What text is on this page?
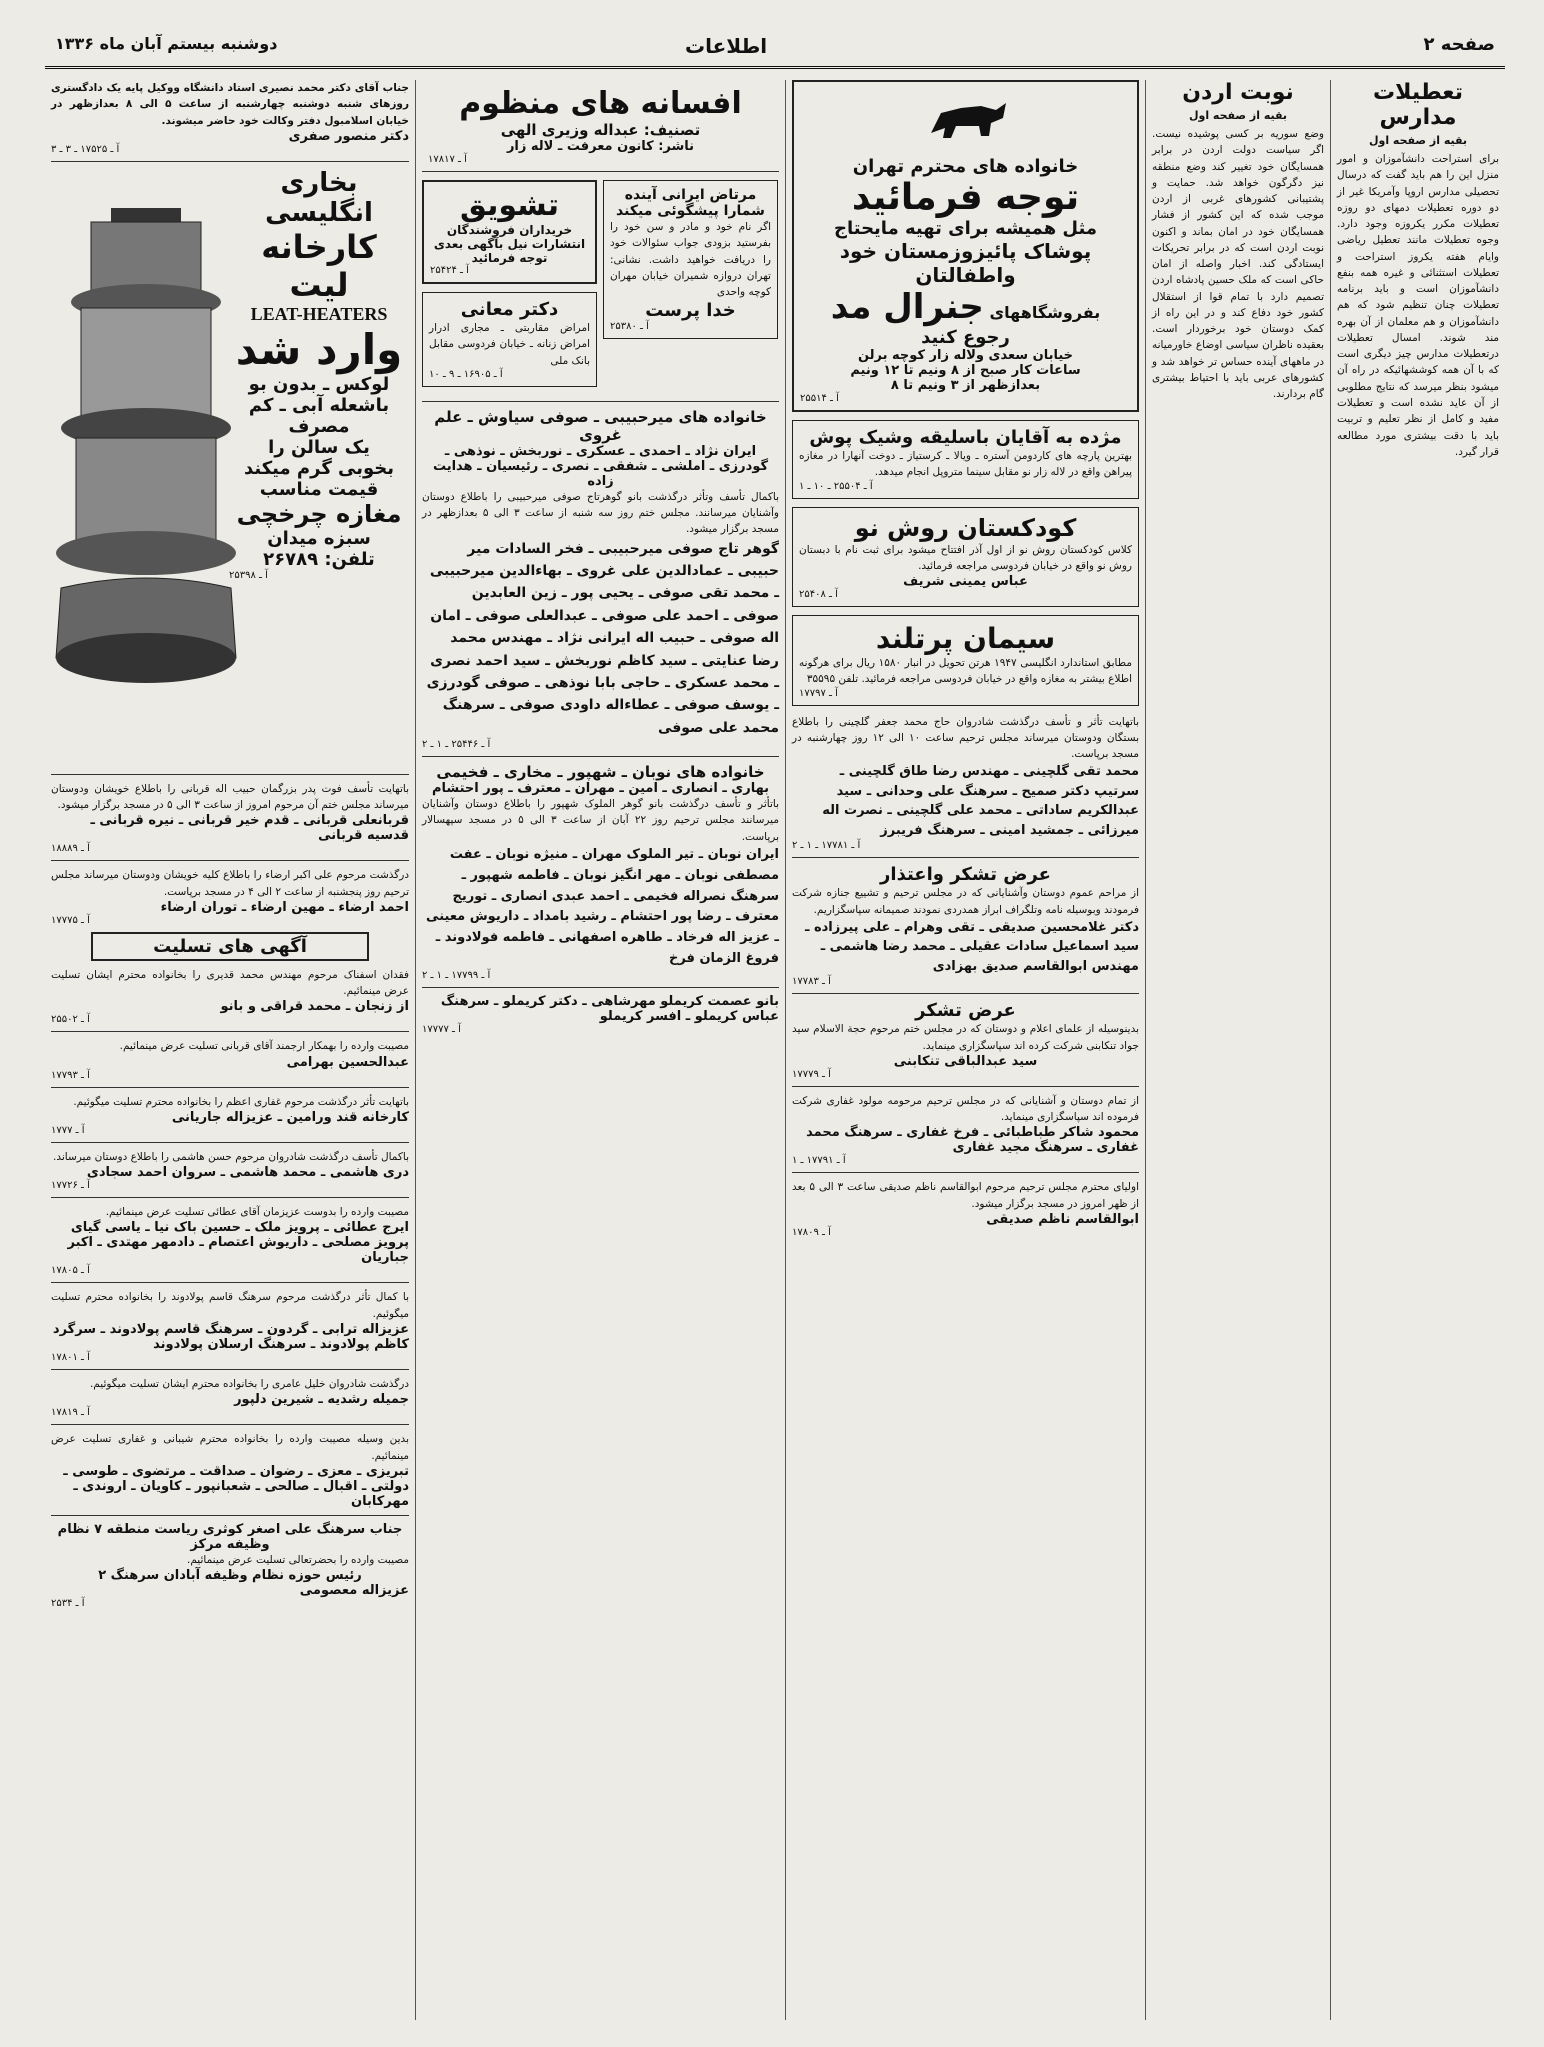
صفحه ۲
اطلاعات
دوشنبه بیستم آبان ماه ۱۳۳۶
تعطیلات مدارس
بقیه از صفحه اول
برای استراحت دانشآموزان و امور منزل این را هم باید گفت که درسال تحصیلی مدارس اروپا وآمریکا غیر از دو دوره تعطیلات دمهای دو روزه تعطیلات مکرر یکروزه وجود دارد. وجوه تعطیلات مانند تعطیل ریاضی وایام هفته یکروز استراحت و تعطیلات استثنائی و غیره همه بنفع دانشآموزان است و باید برنامه تعطیلات چنان تنظیم شود که هم دانشآموزان و هم معلمان از آن بهره مند شوند. امسال تعطیلات درتعطیلات مدارس چیز دیگری است که با آن همه کوششهائیکه در راه آن میشود بنظر میرسد که نتایج مطلوبی از آن عاید نشده است و تعطیلات مفید و کامل از نظر تعلیم و تربیت باید با دقت بیشتری مورد مطالعه قرار گیرد.
نوبت اردن
بقیه از صفحه اول
وضع سوریه بر کسی پوشیده نیست. اگر سیاست دولت اردن در برابر همسایگان خود تغییر کند وضع منطقه نیز دگرگون خواهد شد. حمایت و پشتیبانی کشورهای غربی از اردن موجب شده که این کشور از فشار همسایگان خود در امان بماند و اکنون نوبت اردن است که در برابر تحریکات ایستادگی کند. اخبار واصله از امان حاکی است که ملک حسین پادشاه اردن تصمیم دارد با تمام قوا از استقلال کشور خود دفاع کند و در این راه از کمک دوستان خود برخوردار است. بعقیده ناظران سیاسی اوضاع خاورمیانه در ماههای آینده حساس تر خواهد شد و کشورهای عربی باید با احتیاط بیشتری گام بردارند.
خانواده های محترم تهران
توجه فرمائید
مثل همیشه برای تهیه مایحتاج
پوشاک پائیزوزمستان خود واطفالتان
بفروشگاههای جنرال مد
رجوع کنید
خیابان سعدی ولاله زار کوچه برلن
ساعات کار صبح از ۸ ونیم تا ۱۲ ونیم
بعدازظهر از ۳ ونیم تا ۸
آ ـ ۲۵۵۱۴
مژده به آقایان باسلیقه وشیک پوش
بهترین پارچه های کاردومن آستره ـ ویالا ـ کرستیاز ـ دوخت آنهارا در مغازه پیراهن واقع در لاله زار نو مقابل سینما متروپل انجام میدهد.
آ ـ ۲۵۵۰۴ ـ ۱۰ ـ ۱
کودکستان روش نو
کلاس کودکستان روش نو از اول آذر افتتاح میشود برای ثبت نام با دبستان روش نو واقع در خیابان فردوسی مراجعه فرمائید.
عباس یمینی شریف
آ ـ ۲۵۴۰۸
سیمان پرتلند
مطابق استاندارد انگلیسی ۱۹۴۷ هرتن تحویل در انبار ۱۵۸۰ ریال برای هرگونه اطلاع بیشتر به مغازه واقع در خیابان فردوسی مراجعه فرمائید. تلفن ۳۵۵۹۵
آ ـ ۱۷۷۹۷
باتهایت تأثر و تأسف درگذشت شادروان حاج محمد جعفر گلچینی را باطلاع بستگان ودوستان میرساند مجلس ترحیم ساعت ۱۰ الی ۱۲ روز چهارشنبه در مسجد برپاست.
محمد تقی گلچینی ـ مهندس رضا طاق گلچینی ـ سرتیپ دکتر صمیح ـ سرهنگ علی وحدانی ـ سید عبدالکریم ساداتی ـ محمد علی گلچینی ـ نصرت اله میرزائی ـ جمشید امینی ـ سرهنگ فریبرز
آ ـ ۱۷۷۸۱ ـ ۱ ـ ۲
عرض تشکر واعتذار
از مراحم عموم دوستان وآشنایانی که در مجلس ترحیم و تشییع جنازه شرکت فرمودند وبوسیله نامه وتلگراف ابراز همدردی نمودند صمیمانه سپاسگزاریم.
دکتر غلامحسین صدیقی ـ تقی وهرام ـ علی پیرزاده ـ سید اسماعیل سادات عقیلی ـ محمد رضا هاشمی ـ مهندس ابوالقاسم صدیق بهزادی
آ ـ ۱۷۷۸۳
عرض تشکر
بدینوسیله از علمای اعلام و دوستان که در مجلس ختم مرحوم حجة الاسلام سید جواد تنکابنی شرکت کرده اند سپاسگزاری مینماید.
سید عبدالباقی تنکابنی
آ ـ ۱۷۷۷۹
از تمام دوستان و آشنایانی که در مجلس ترحیم مرحومه مولود غفاری شرکت فرموده اند سپاسگزاری مینماید.
محمود شاکر طباطبائی ـ فرخ غفاری ـ سرهنگ محمد غفاری ـ سرهنگ مجید غفاری
آ ـ ۱۷۷۹۱ ـ ۱
اولیای محترم مجلس ترحیم مرحوم ابوالقاسم ناظم صدیقی ساعت ۳ الی ۵ بعد از ظهر امروز در مسجد برگزار میشود.
ابوالقاسم ناظم صدیقی
آ ـ ۱۷۸۰۹
افسانه های منظوم
تصنیف: عبداله وزیری الهی
ناشر: کانون معرفت ـ لاله زار
آ ـ ۱۷۸۱۷
تشویق
خریداران فروشندگان انتشارات نیل بآگهی بعدی توجه فرمائید
آ ـ ۲۵۴۲۴
دکتر معانی
امراض مقاربتی ـ مجاری ادرار امراض زنانه ـ خیابان فردوسی مقابل بانک ملی
آ ـ ۱۶۹۰۵ ـ ۹ ـ ۱۰
مرتاض ایرانی آینده شمارا پیشگوئی میکند
اگر نام خود و مادر و سن خود را بفرستید بزودی جواب سئوالات خود را دریافت خواهید داشت. نشانی: تهران دروازه شمیران خیابان مهران کوچه واحدی
خدا پرست
آ ـ ۲۵۳۸۰
خانواده های میرحبیبی ـ صوفی سیاوش ـ علم غروی
ایران نژاد ـ احمدی ـ عسکری ـ نوربخش ـ نوذهی ـ گودرزی ـ املشی ـ شفقی ـ نصری ـ رئیسیان ـ هدایت زاده
باکمال تأسف وتأثر درگذشت بانو گوهرتاج صوفی میرحبیبی را باطلاع دوستان وآشنایان میرسانند. مجلس ختم روز سه شنبه از ساعت ۳ الی ۵ بعدازظهر در مسجد برگزار میشود.
گوهر تاج صوفی میرحبیبی ـ فخر السادات میر حبیبی ـ عمادالدین علی غروی ـ بهاءالدین میرحبیبی ـ محمد تقی صوفی ـ یحیی پور ـ زین العابدین صوفی ـ احمد علی صوفی ـ عبدالعلی صوفی ـ امان اله صوفی ـ حبیب اله ایرانی نژاد ـ مهندس محمد رضا عنایتی ـ سید کاظم نوربخش ـ سید احمد نصری ـ محمد عسکری ـ حاجی بابا نوذهی ـ صوفی گودرزی ـ یوسف صوفی ـ عطاءاله داودی صوفی ـ سرهنگ محمد علی صوفی
آ ـ ۲۵۴۴۶ ـ ۱ ـ ۲
خانواده های نوبان ـ شهپور ـ مخاری ـ فخیمی
بهاری ـ انصاری ـ امین ـ مهران ـ معترف ـ پور احتشام
باتأثر و تأسف درگذشت بانو گوهر الملوک شهپور را باطلاع دوستان وآشنایان میرسانند مجلس ترحیم روز ۲۲ آبان از ساعت ۳ الی ۵ در مسجد سپهسالار برپاست.
ایران نوبان ـ تیر الملوک مهران ـ منیژه نوبان ـ عفت مصطفی نوبان ـ مهر انگیز نوبان ـ فاطمه شهپور ـ سرهنگ نصراله فخیمی ـ احمد عبدی انصاری ـ توریج معترف ـ رضا پور احتشام ـ رشید بامداد ـ داریوش معینی ـ عزیز اله فرخاد ـ طاهره اصفهانی ـ فاطمه فولادوند ـ فروغ الزمان فرخ
آ ـ ۱۷۷۹۹ ـ ۱ ـ ۲
بانو عصمت کریملو مهرشاهی ـ دکتر کریملو ـ سرهنگ عباس کریملو ـ افسر کریملو
آ ـ ۱۷۷۷۷
جناب آقای دکتر محمد نصیری استاد دانشگاه ووکیل پایه یک دادگستری روزهای شنبه دوشنبه چهارشنبه از ساعت ۵ الی ۸ بعدازظهر در خیابان اسلامبول دفتر وکالت خود حاضر میشوند.
دکتر منصور صفری
آ ـ ۱۷۵۲۵ ـ ۳ ـ ۳
بخاری انگلیسی
کارخانه لیت
LEAT-HEATERS
وارد شد
لوکس ـ بدون بو
باشعله آبی ـ کم مصرف
یک سالن را
بخوبی گرم میکند
قیمت مناسب
مغازه چرخچی
سبزه میدان
تلفن: ۲۶۷۸۹
آ ـ ۲۵۳۹۸
باتهایت تأسف فوت پدر بزرگمان حبیب اله قربانی را باطلاع خویشان ودوستان میرساند مجلس ختم آن مرحوم امروز از ساعت ۳ الی ۵ در مسجد برگزار میشود.
قربانعلی قربانی ـ قدم خیر قربانی ـ نیره قربانی ـ قدسیه قربانی
آ ـ ۱۸۸۸۹
درگذشت مرحوم علی اکبر ارضاء را باطلاع کلیه خویشان ودوستان میرساند مجلس ترحیم روز پنجشنبه از ساعت ۲ الی ۴ در مسجد برپاست.
احمد ارضاء ـ مهین ارضاء ـ توران ارضاء
آ ـ ۱۷۷۷۵
آگهی های تسلیت
فقدان اسفناک مرحوم مهندس محمد قدیری را بخانواده محترم ایشان تسلیت عرض مینمائیم.
از زنجان ـ محمد قراقی و بانو
آ ـ ۲۵۵۰۲
مصیبت وارده را بهمکار ارجمند آقای قربانی تسلیت عرض مینمائیم.
عبدالحسین بهرامی
آ ـ ۱۷۷۹۳
باتهایت تأثر درگذشت مرحوم غفاری اعظم را بخانواده محترم تسلیت میگوئیم.
کارخانه قند ورامین ـ عزیزاله جاریانی
آ ـ ۱۷۷۷
باکمال تأسف درگذشت شادروان مرحوم حسن هاشمی را باطلاع دوستان میرساند.
دری هاشمی ـ محمد هاشمی ـ سروان احمد سجادی
آ ـ ۱۷۷۲۶
مصیبت وارده را بدوست عزیزمان آقای عطائی تسلیت عرض مینمائیم.
ایرج عطائی ـ پرویز ملک ـ حسین باک نیا ـ یاسی گیای پرویز مصلحی ـ داریوش اعتصام ـ دادمهر مهتدی ـ اکبر جباریان
آ ـ ۱۷۸۰۵
با کمال تأثر درگذشت مرحوم سرهنگ قاسم پولادوند را بخانواده محترم تسلیت میگوئیم.
عزیزاله ترابی ـ گردون ـ سرهنگ قاسم پولادوند ـ سرگرد کاظم پولادوند ـ سرهنگ ارسلان پولادوند
آ ـ ۱۷۸۰۱
درگذشت شادروان خلیل عامری را بخانواده محترم ایشان تسلیت میگوئیم.
جمیله رشدیه ـ شیرین دلپور
آ ـ ۱۷۸۱۹
بدین وسیله مصیبت وارده را بخانواده محترم شیبانی و غفاری تسلیت عرض مینمائیم.
تبریزی ـ معزی ـ رضوان ـ صداقت ـ مرتضوی ـ طوسی ـ دولتی ـ اقبال ـ صالحی ـ شعبانپور ـ کاویان ـ اروندی ـ مهرکابان
جناب سرهنگ علی اصغر کوثری ریاست منطقه ۷ نظام وظیفه مرکز
مصیبت وارده را بحضرتعالی تسلیت عرض مینمائیم.
رئیس حوزه نظام وظیفه آبادان سرهنگ ۲
عزیزاله معصومی
آ ـ ۲۵۳۴
